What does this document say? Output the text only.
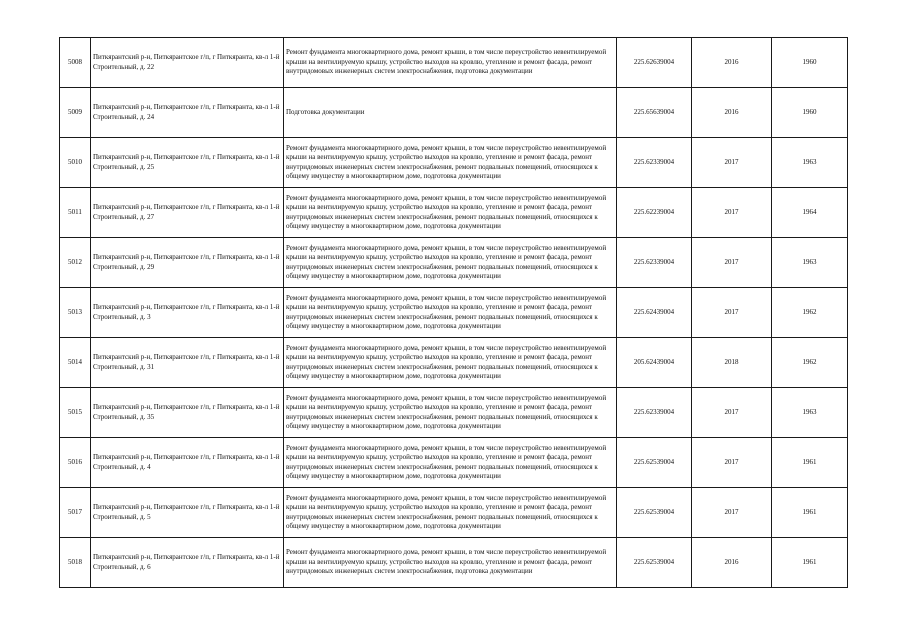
5008	Питкярантский р-н, Питкярантское г/п, г Питкяранта, кв-л 1-й Строительный, д. 22	Ремонт фундамента многоквартирного дома, ремонт крыши, в том числе переустройство невентилируемой крыши на вентилируемую крышу, устройство выходов на кровлю, утепление и ремонт фасада, ремонт внутридомовых инженерных систем электроснабжения, подготовка документации	225.62639004	2016	1960
5009	Питкярантский р-н, Питкярантское г/п, г Питкяранта, кв-л 1-й Строительный, д. 24	Подготовка документации	225.65639004	2016	1960
5010	Питкярантский р-н, Питкярантское г/п, г Питкяранта, кв-л 1-й Строительный, д. 25	Ремонт фундамента многоквартирного дома, ремонт крыши, в том числе переустройство невентилируемой крыши на вентилируемую крышу, устройство выходов на кровлю, утепление и ремонт фасада, ремонт внутридомовых инженерных систем электроснабжения, ремонт подвальных помещений, относящихся к общему имуществу в многоквартирном доме, подготовка документации	225.62339004	2017	1963
5011	Питкярантский р-н, Питкярантское г/п, г Питкяранта, кв-л 1-й Строительный, д. 27	Ремонт фундамента многоквартирного дома, ремонт крыши, в том числе переустройство невентилируемой крыши на вентилируемую крышу, устройство выходов на кровлю, утепление и ремонт фасада, ремонт внутридомовых инженерных систем электроснабжения, ремонт подвальных помещений, относящихся к общему имуществу в многоквартирном доме, подготовка документации	225.62239004	2017	1964
5012	Питкярантский р-н, Питкярантское г/п, г Питкяранта, кв-л 1-й Строительный, д. 29	Ремонт фундамента многоквартирного дома, ремонт крыши, в том числе переустройство невентилируемой крыши на вентилируемую крышу, устройство выходов на кровлю, утепление и ремонт фасада, ремонт внутридомовых инженерных систем электроснабжения, ремонт подвальных помещений, относящихся к общему имуществу в многоквартирном доме, подготовка документации	225.62339004	2017	1963
5013	Питкярантский р-н, Питкярантское г/п, г Питкяранта, кв-л 1-й Строительный, д. 3	Ремонт фундамента многоквартирного дома, ремонт крыши, в том числе переустройство невентилируемой крыши на вентилируемую крышу, устройство выходов на кровлю, утепление и ремонт фасада, ремонт внутридомовых инженерных систем электроснабжения, ремонт подвальных помещений, относящихся к общему имуществу в многоквартирном доме, подготовка документации	225.62439004	2017	1962
5014	Питкярантский р-н, Питкярантское г/п, г Питкяранта, кв-л 1-й Строительный, д. 31	Ремонт фундамента многоквартирного дома, ремонт крыши, в том числе переустройство невентилируемой крыши на вентилируемую крышу, устройство выходов на кровлю, утепление и ремонт фасада, ремонт внутридомовых инженерных систем электроснабжения, ремонт подвальных помещений, относящихся к общему имуществу в многоквартирном доме, подготовка документации	205.62439004	2018	1962
5015	Питкярантский р-н, Питкярантское г/п, г Питкяранта, кв-л 1-й Строительный, д. 35	Ремонт фундамента многоквартирного дома, ремонт крыши, в том числе переустройство невентилируемой крыши на вентилируемую крышу, устройство выходов на кровлю, утепление и ремонт фасада, ремонт внутридомовых инженерных систем электроснабжения, ремонт подвальных помещений, относящихся к общему имуществу в многоквартирном доме, подготовка документации	225.62339004	2017	1963
5016	Питкярантский р-н, Питкярантское г/п, г Питкяранта, кв-л 1-й Строительный, д. 4	Ремонт фундамента многоквартирного дома, ремонт крыши, в том числе переустройство невентилируемой крыши на вентилируемую крышу, устройство выходов на кровлю, утепление и ремонт фасада, ремонт внутридомовых инженерных систем электроснабжения, ремонт подвальных помещений, относящихся к общему имуществу в многоквартирном доме, подготовка документации	225.62539004	2017	1961
5017	Питкярантский р-н, Питкярантское г/п, г Питкяранта, кв-л 1-й Строительный, д. 5	Ремонт фундамента многоквартирного дома, ремонт крыши, в том числе переустройство невентилируемой крыши на вентилируемую крышу, устройство выходов на кровлю, утепление и ремонт фасада, ремонт внутридомовых инженерных систем электроснабжения, ремонт подвальных помещений, относящихся к общему имуществу в многоквартирном доме, подготовка документации	225.62539004	2017	1961
5018	Питкярантский р-н, Питкярантское г/п, г Питкяранта, кв-л 1-й Строительный, д. 6	Ремонт фундамента многоквартирного дома, ремонт крыши, в том числе переустройство невентилируемой крыши на вентилируемую крышу, устройство выходов на кровлю, утепление и ремонт фасада, ремонт внутридомовых инженерных систем электроснабжения, подготовка документации	225.62539004	2016	1961
